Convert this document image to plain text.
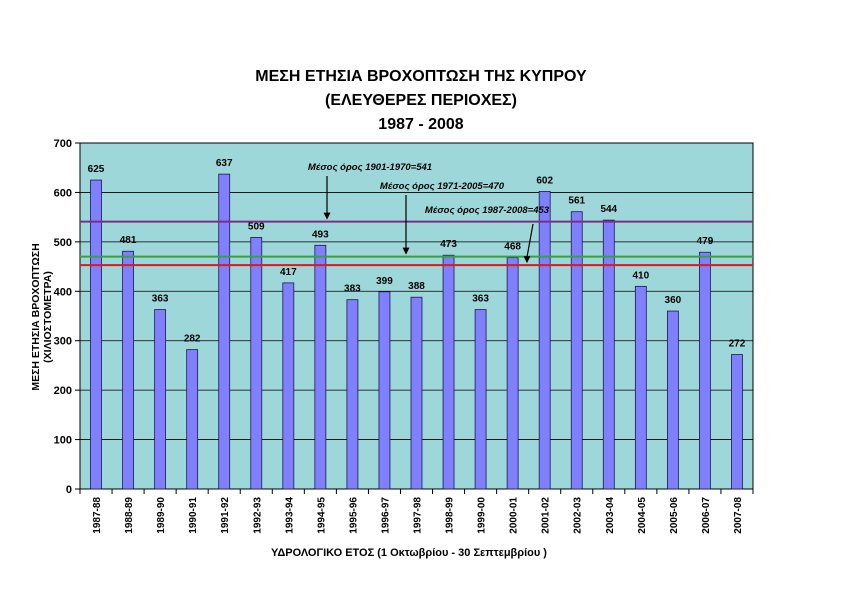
ΜΕΣΗ ΕΤΗΣΙΑ ΒΡΟΧΟΠΤΩΣΗ ΤΗΣ ΚΥΠΡΟΥ
(ΕΛΕΥΘΕΡΕΣ ΠΕΡΙΟΧΕΣ)
1987 - 2008
ΜΕΣΗ ΕΤΗΣΙΑ ΒΡΟΧΟΠΤΩΣΗ (ΧΙΛΙΟΣΤΟΜΕΤΡΑ)
0
100
200
300
400
500
600
700
625
1987-88
481
1988-89
363
1989-90
282
1990-91
637
1991-92
509
1992-93
417
1993-94
493
1994-95
383
1995-96
399
1996-97
388
1997-98
473
1998-99
363
1999-00
468
2000-01
602
2001-02
561
2002-03
544
2003-04
410
2004-05
360
2005-06
479
2006-07
272
2007-08
Μέσος όρος 1901-1970=541
Μέσος όρος 1971-2005=470
Μέσος όρος 1987-2008=453
ΥΔΡΟΛΟΓΙΚΟ ΕΤΟΣ (1 Οκτωβρίου - 30 Σεπτεμβρίου )
